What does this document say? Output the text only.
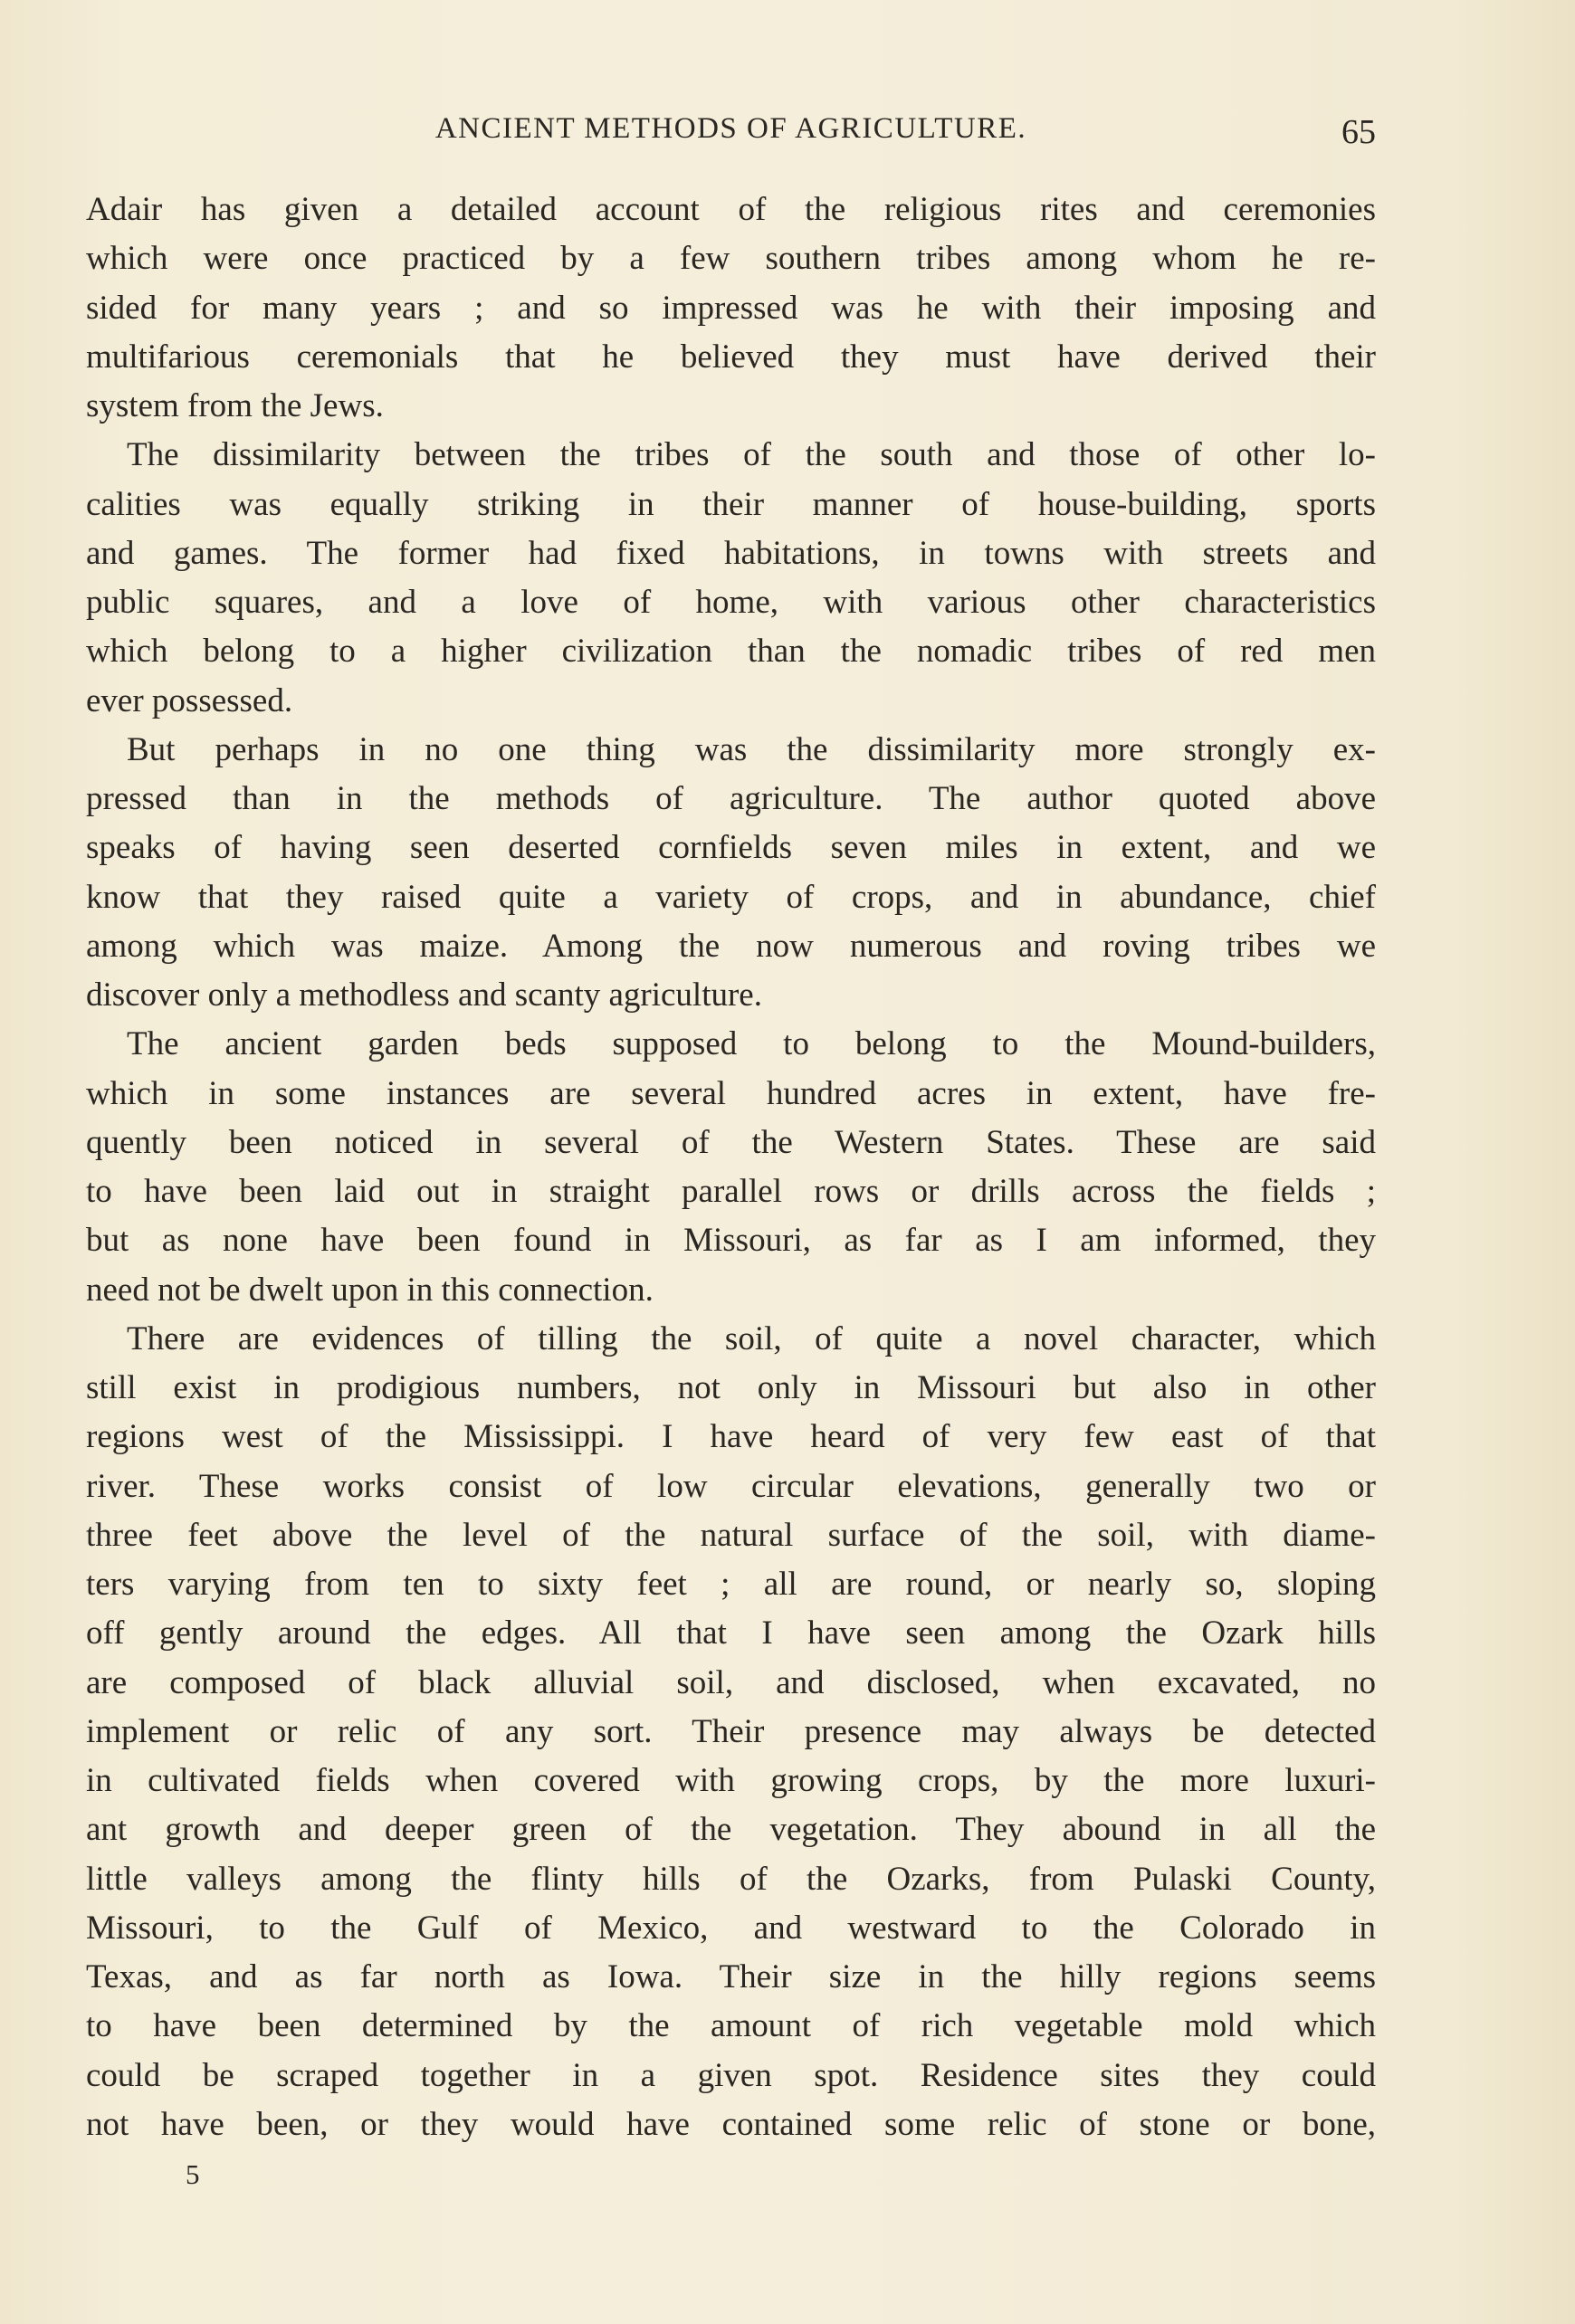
ANCIENT METHODS OF AGRICULTURE.	65
Adair has given a detailed account of the religious rites and ceremonies
which were once practiced by a few southern tribes among whom he re-
sided for many years ; and so impressed was he with their imposing and
multifarious ceremonials that he believed they must have derived their
system from the Jews.
The dissimilarity between the tribes of the south and those of other lo-
calities was equally striking in their manner of house-building, sports
and games. The former had fixed habitations, in towns with streets and
public squares, and a love of home, with various other characteristics
which belong to a higher civilization than the nomadic tribes of red men
ever possessed.
But perhaps in no one thing was the dissimilarity more strongly ex-
pressed than in the methods of agriculture. The author quoted above
speaks of having seen deserted cornfields seven miles in extent, and we
know that they raised quite a variety of crops, and in abundance, chief
among which was maize. Among the now numerous and roving tribes we
discover only a methodless and scanty agriculture.
The ancient garden beds supposed to belong to the Mound-builders,
which in some instances are several hundred acres in extent, have fre-
quently been noticed in several of the Western States. These are said
to have been laid out in straight parallel rows or drills across the fields ;
but as none have been found in Missouri, as far as I am informed, they
need not be dwelt upon in this connection.
There are evidences of tilling the soil, of quite a novel character, which
still exist in prodigious numbers, not only in Missouri but also in other
regions west of the Mississippi. I have heard of very few east of that
river. These works consist of low circular elevations, generally two or
three feet above the level of the natural surface of the soil, with diame-
ters varying from ten to sixty feet ; all are round, or nearly so, sloping
off gently around the edges. All that I have seen among the Ozark hills
are composed of black alluvial soil, and disclosed, when excavated, no
implement or relic of any sort. Their presence may always be detected
in cultivated fields when covered with growing crops, by the more luxuri-
ant growth and deeper green of the vegetation. They abound in all the
little valleys among the flinty hills of the Ozarks, from Pulaski County,
Missouri, to the Gulf of Mexico, and westward to the Colorado in
Texas, and as far north as Iowa. Their size in the hilly regions seems
to have been determined by the amount of rich vegetable mold which
could be scraped together in a given spot. Residence sites they could
not have been, or they would have contained some relic of stone or bone,
5
